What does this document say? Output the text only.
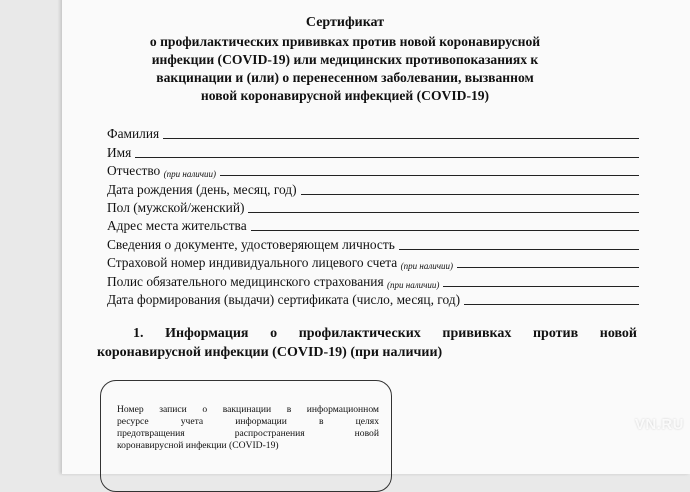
Сертификат
о профилактических прививках против новой коронавирусной
инфекции (COVID-19) или медицинских противопоказаниях к
вакцинации и (или) о перенесенном заболевании, вызванном
новой коронавирусной инфекцией (COVID-19)
Фамилия
Имя
Отчество
(при наличии)
Дата рождения (день, месяц, год)
Пол (мужской/женский)
Адрес места жительства
Сведения о документе, удостоверяющем личность
Страховой номер индивидуального лицевого счета
(при наличии)
Полис обязательного медицинского страхования
(при наличии)
Дата формирования (выдачи) сертификата (число, месяц, год)
1. Информация о профилактических прививках против новой
коронавирусной инфекции (COVID-19) (при наличии)
Номер записи о вакцинации в информационном
ресурсе учета информации в целях
предотвращения распространения новой
коронавирусной инфекции (COVID-19)
VN.RU
